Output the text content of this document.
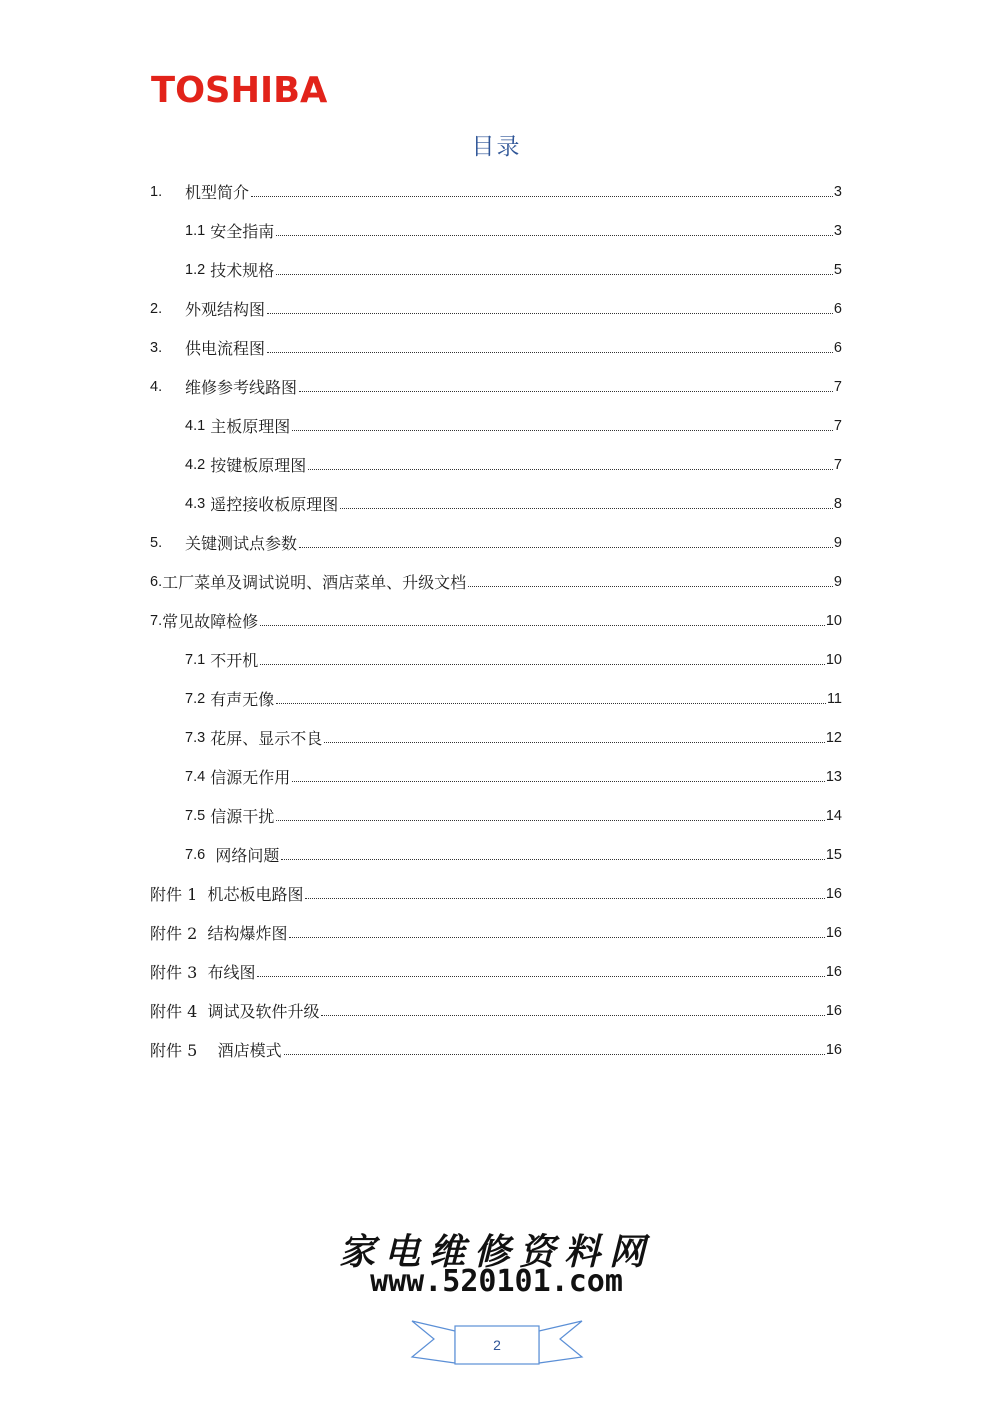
TOSHIBA
目录
1.	机型简介	3
1.1 安全指南	3
1.2 技术规格	5
2.	外观结构图	6
3.	供电流程图	6
4.	维修参考线路图	7
4.1 主板原理图	7
4.2 按键板原理图	7
4.3 遥控接收板原理图	8
5.	关键测试点参数	9
6. 工厂菜单及调试说明、酒店菜单、升级文档	9
7. 常见故障检修	10
7.1 不开机	10
7.2 有声无像	11
7.3 花屏、显示不良	12
7.4 信源无作用	13
7.5 信源干扰	14
7.6 网络问题	15
附件 1  机芯板电路图	16
附件 2  结构爆炸图	16
附件 3  布线图	16
附件 4  调试及软件升级	16
附件 5    酒店模式	16
家电维修资料网
www.520101.com
2
